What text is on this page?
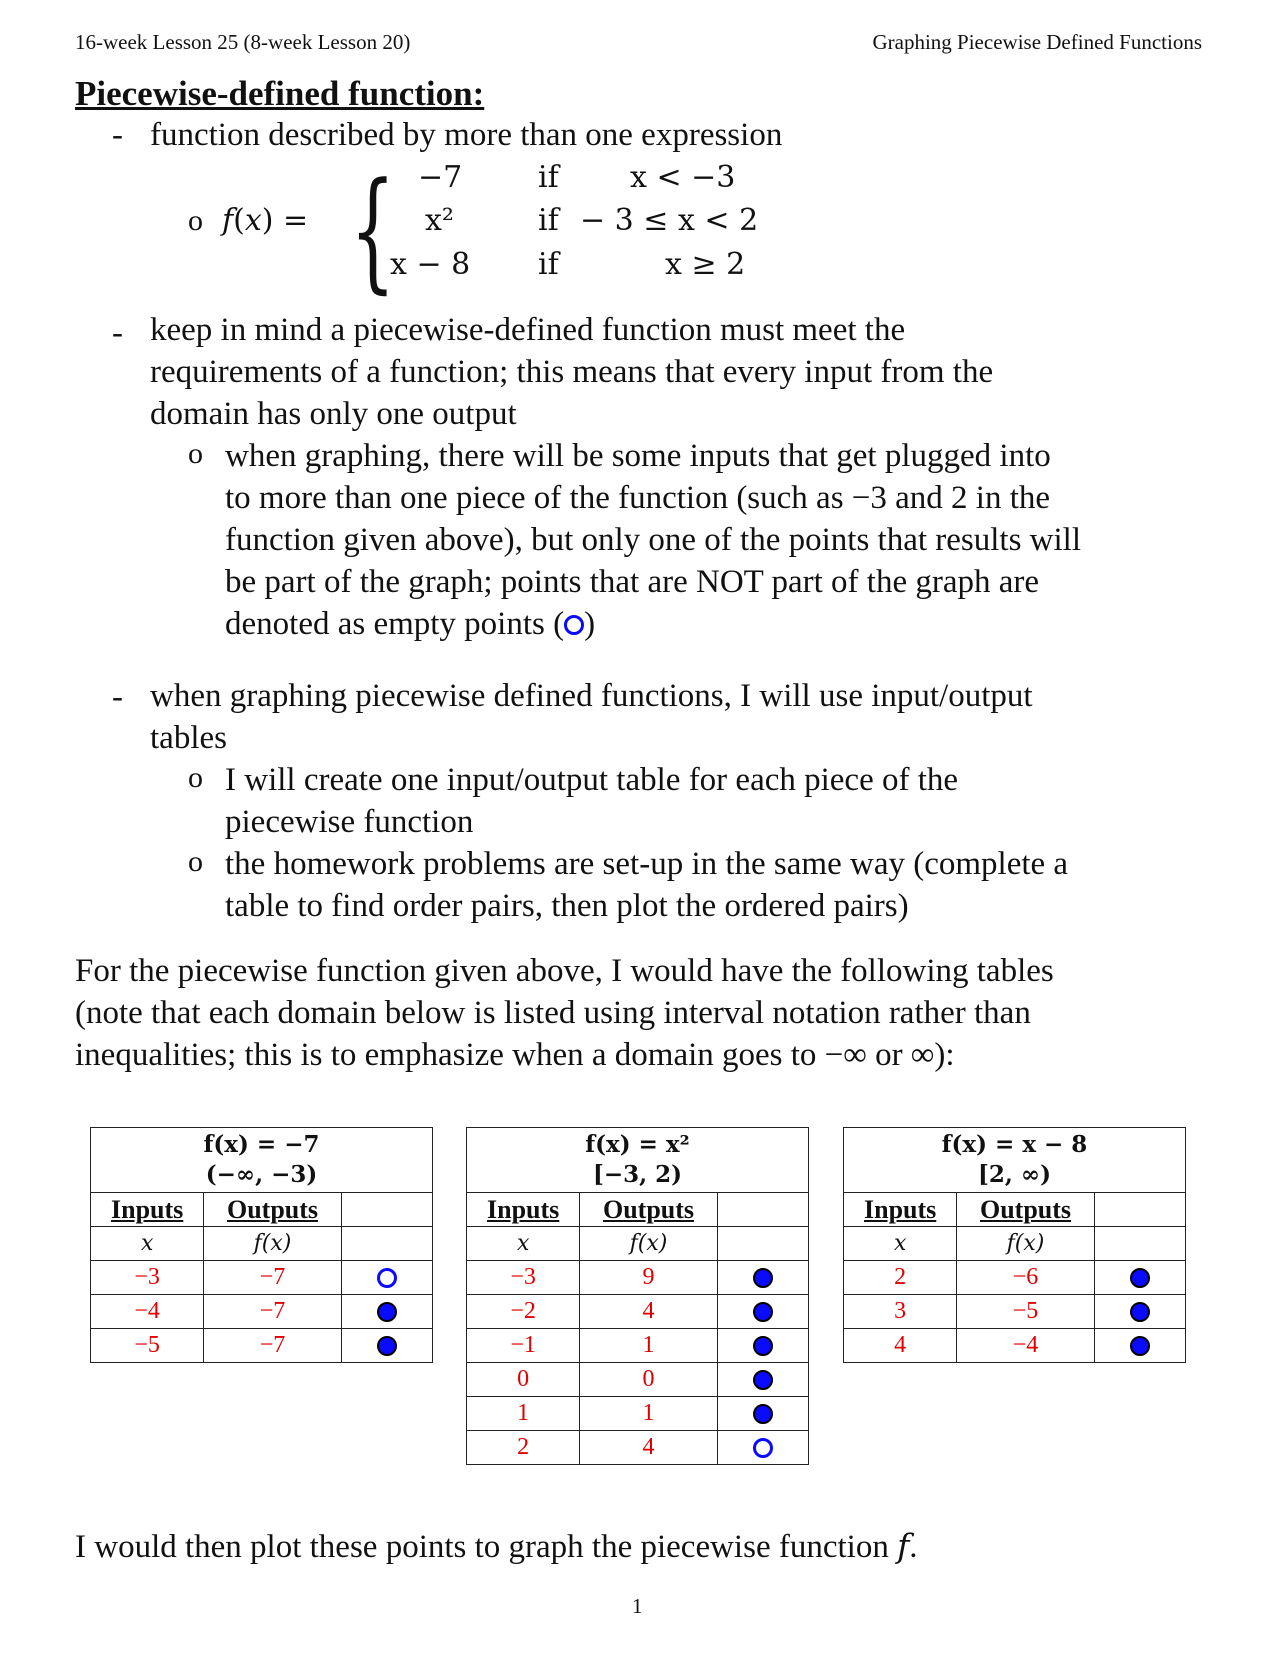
16-week Lesson 25 (8-week Lesson 20)	Graphing Piecewise Defined Functions
Piecewise-defined function:
- function described by more than one expression
o f(x) = { −7	if x < −3
x²	if − 3 ≤ x < 2
x − 8 if	x ≥ 2
- keep in mind a piecewise-defined function must meet the
requirements of a function; this means that every input from the
domain has only one output
o when graphing, there will be some inputs that get plugged into
to more than one piece of the function (such as −3 and 2 in the
function given above), but only one of the points that results will
be part of the graph; points that are NOT part of the graph are
denoted as empty points ( )
- when graphing piecewise defined functions, I will use input/output
tables
o I will create one input/output table for each piece of the
piecewise function
o the homework problems are set-up in the same way (complete a
table to find order pairs, then plot the ordered pairs)
For the piecewise function given above, I would have the following tables
(note that each domain below is listed using interval notation rather than
inequalities; this is to emphasize when a domain goes to −∞ or ∞):
f(x) = −7
(−∞, −3)		

Inputs	Outputs	
x	f(x)	
−3	−7	
−4	−7	
−5	−7	
f(x) = x²
[−3, 2)		

Inputs	Outputs	
x	f(x)	
−3	9	
−2	4	
−1	1	
0	0	
1	1	
2	4	
f(x) = x − 8
[2, ∞)		

Inputs	Outputs	
x	f(x)	
2	−6	
3	−5	
4	−4	
I would then plot these points to graph the piecewise function f.
1
